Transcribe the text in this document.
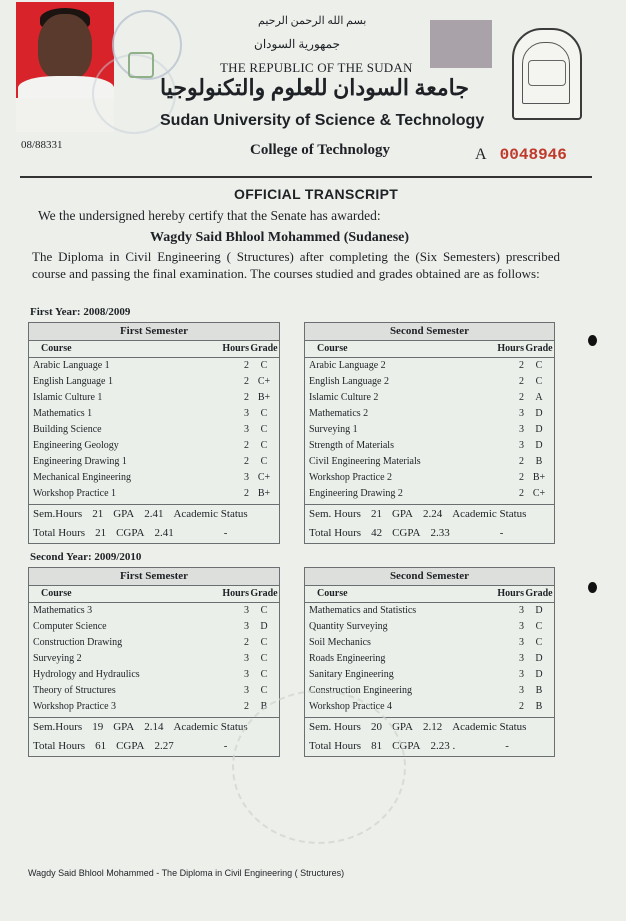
08/88331
بسم الله الرحمن الرحيم
جمهورية السودان
THE REPUBLIC OF THE SUDAN
جامعة السودان للعلوم والتكنولوجيا
Sudan University of Science & Technology
College of Technology	A 0048946
OFFICIAL TRANSCRIPT
We the undersigned hereby certify that the Senate has awarded:
Wagdy Said Bhlool Mohammed (Sudanese)
The Diploma in Civil Engineering ( Structures) after completing the (Six Semesters) prescribed course and passing the final examination. The courses studied and grades obtained are as follows:
First Year: 2008/2009
Second Year: 2009/2010
First Semester
Course	Hours Grade
Arabic Language 1	2	C
English Language 1	2 C+
Islamic Culture 1	2 B+
Mathematics 1	3	C
Building Science	3	C
Engineering Geology	2	C
Engineering Drawing 1	2	C
Mechanical Engineering	3 C+
Workshop Practice 1	2 B+
Sem.Hours 21 GPA 2.41 Academic Status
Total Hours 21 CGPA 2.41	-
Second Semester
Course	Hours Grade
Arabic Language 2	2	C
English Language 2	2	C
Islamic Culture 2	2	A
Mathematics 2	3	D
Surveying 1	3	D
Strength of Materials	3	D
Civil Engineering Materials	2	B
Workshop Practice 2	2 B+
Engineering Drawing 2	2 C+
Sem. Hours 21 GPA 2.24 Academic Status
Total Hours 42 CGPA 2.33	-
First Semester
Course	Hours Grade
Mathematics 3	3	C
Computer Science	3	D
Construction Drawing	2	C
Surveying 2	3	C
Hydrology and Hydraulics	3	C
Theory of Structures	3	C
Workshop Practice 3	2	B
Sem.Hours 19 GPA 2.14 Academic Status
Total Hours 61 CGPA 2.27	-
Second Semester
Course	Hours Grade
Mathematics and Statistics	3	D
Quantity Surveying	3	C
Soil Mechanics	3	C
Roads Engineering	3	D
Sanitary Engineering	3	D
Construction Engineering	3	B
Workshop Practice 4	2	B
Sem. Hours 20 GPA 2.12 Academic Status
Total Hours 81 CGPA 2.23 .	-
Wagdy Said Bhlool Mohammed - The Diploma in Civil Engineering ( Structures)
